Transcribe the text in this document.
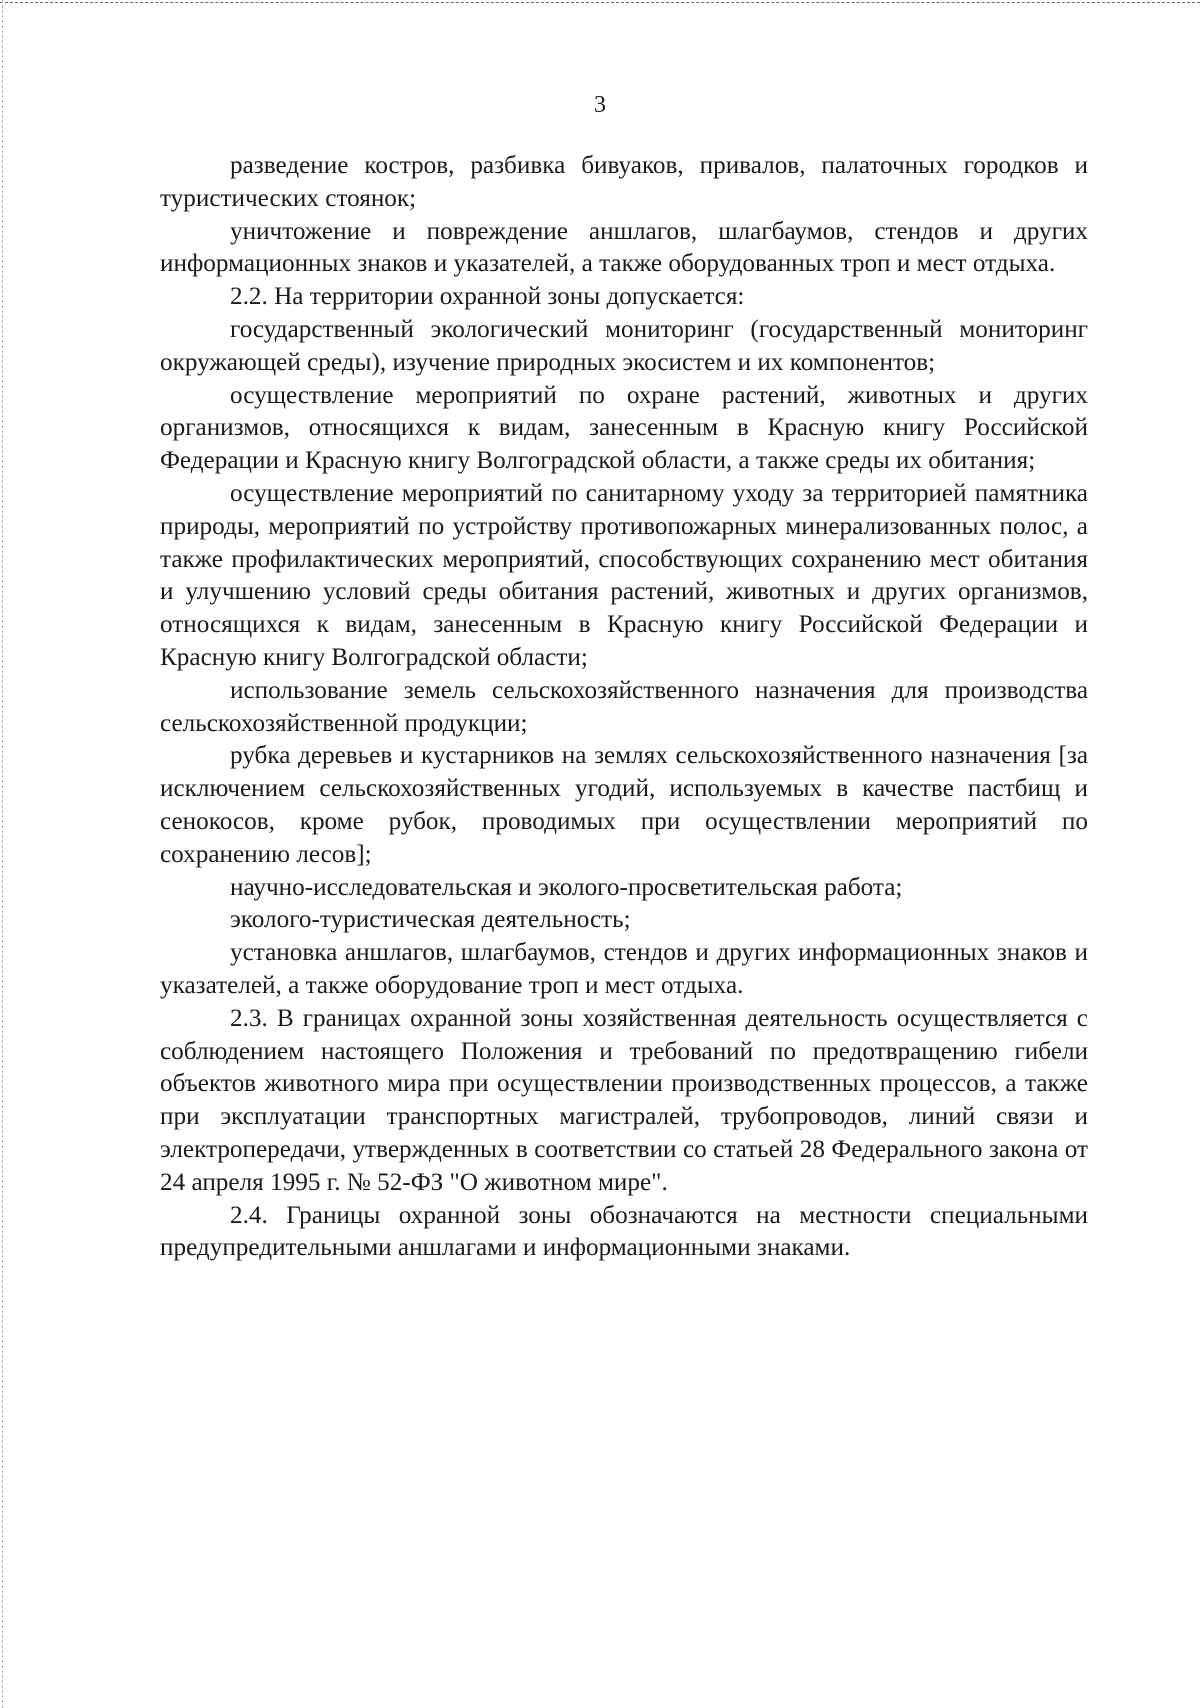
3

разведение костров, разбивка бивуаков, привалов, палаточных городков и туристических стоянок;

уничтожение и повреждение аншлагов, шлагбаумов, стендов и других информационных знаков и указателей, а также оборудованных троп и мест отдыха.

2.2. На территории охранной зоны допускается:

государственный экологический мониторинг (государственный мониторинг окружающей среды), изучение природных экосистем и их компонентов;

осуществление мероприятий по охране растений, животных и других организмов, относящихся к видам, занесенным в Красную книгу Российской Федерации и Красную книгу Волгоградской области, а также среды их обитания;

осуществление мероприятий по санитарному уходу за территорией памятника природы, мероприятий по устройству противопожарных минерализованных полос, а также профилактических мероприятий, способствующих сохранению мест обитания и улучшению условий среды обитания растений, животных и других организмов, относящихся к видам, занесенным в Красную книгу Российской Федерации и Красную книгу Волгоградской области;

использование земель сельскохозяйственного назначения для производства сельскохозяйственной продукции;

рубка деревьев и кустарников на землях сельскохозяйственного назначения [за исключением сельскохозяйственных угодий, используемых в качестве пастбищ и сенокосов, кроме рубок, проводимых при осуществлении мероприятий по сохранению лесов];

научно-исследовательская и эколого-просветительская работа;

эколого-туристическая деятельность;

установка аншлагов, шлагбаумов, стендов и других информационных знаков и указателей, а также оборудование троп и мест отдыха.

2.3. В границах охранной зоны хозяйственная деятельность осуществляется с соблюдением настоящего Положения и требований по предотвращению гибели объектов животного мира при осуществлении производственных процессов, а также при эксплуатации транспортных магистралей, трубопроводов, линий связи и электропередачи, утвержденных в соответствии со статьей 28 Федерального закона от 24 апреля 1995 г. № 52-ФЗ "О животном мире".

2.4. Границы охранной зоны обозначаются на местности специальными предупредительными аншлагами и информационными знаками.
